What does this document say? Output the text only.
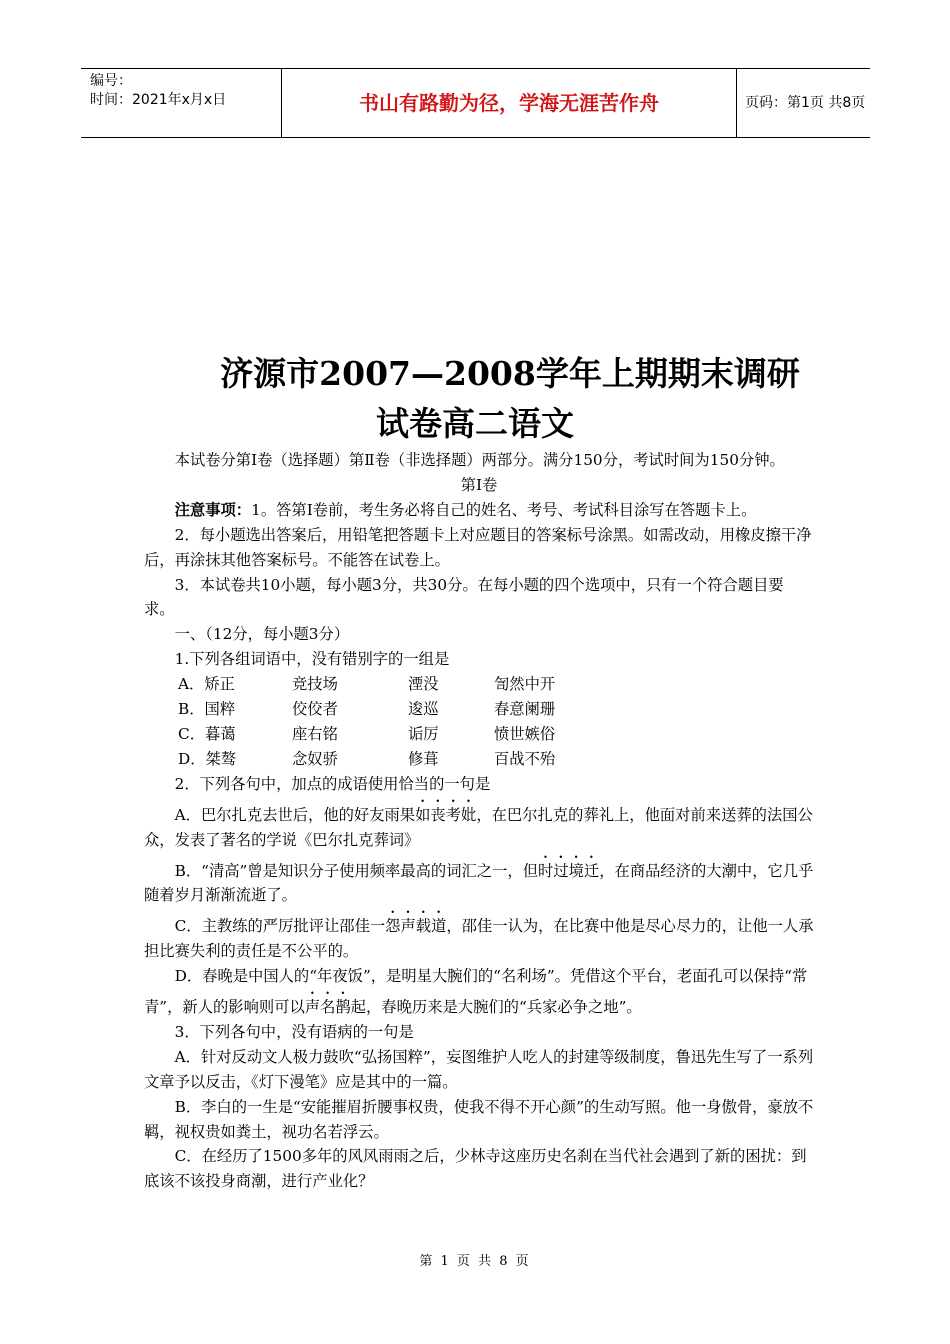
编号：
时间：2021年x月x日	书山有路勤为径，学海无涯苦作舟	页码：第1页 共8页
济源市2007—2008学年上期期末调研
试卷高二语文

本试卷分第Ⅰ卷（选择题）第Ⅱ卷（非选择题）两部分。满分150分，考试时间为150分钟。

第Ⅰ卷

注意事项：1。答第Ⅰ卷前，考生务必将自己的姓名、考号、考试科目涂写在答题卡上。

2．每小题选出答案后，用铅笔把答题卡上对应题目的答案标号涂黑。如需改动，用橡皮擦干净后，再涂抹其他答案标号。不能答在试卷上。

3．本试卷共10小题，每小题3分，共30分。在每小题的四个选项中，只有一个符合题目要求。

一、（12分，每小题3分）

1.下列各组词语中，没有错别字的一组是

A．矫正	竞技场	湮没	訇然中开
B．国粹	佼佼者	逡巡	春意阑珊
C．暮蔼	座右铭	诟厉	愤世嫉俗
D．桀骜	念奴骄	修葺	百战不殆

2．下列各句中，加点的成语使用恰当的一句是

A．巴尔扎克去世后，他的好友雨果如丧考妣，在巴尔扎克的葬礼上，他面对前来送葬的法国公众，发表了著名的学说《巴尔扎克葬词》

B．“清高”曾是知识分子使用频率最高的词汇之一，但时过境迁，在商品经济的大潮中，它几乎随着岁月渐渐流逝了。

C．主教练的严厉批评让邵佳一怨声载道，邵佳一认为，在比赛中他是尽心尽力的，让他一人承担比赛失利的责任是不公平的。

D．春晚是中国人的“年夜饭”，是明星大腕们的“名利场”。凭借这个平台，老面孔可以保持“常青”，新人的影响则可以声名鹊起，春晚历来是大腕们的“兵家必争之地”。

3．下列各句中，没有语病的一句是

A．针对反动文人极力鼓吹“弘扬国粹”，妄图维护人吃人的封建等级制度，鲁迅先生写了一系列文章予以反击，《灯下漫笔》应是其中的一篇。

B．李白的一生是“安能摧眉折腰事权贵，使我不得不开心颜”的生动写照。他一身傲骨，豪放不羁，视权贵如粪土，视功名若浮云。

C．在经历了1500多年的风风雨雨之后，少林寺这座历史名刹在当代社会遇到了新的困扰：到底该不该投身商潮，进行产业化？

第 1 页 共 8 页
